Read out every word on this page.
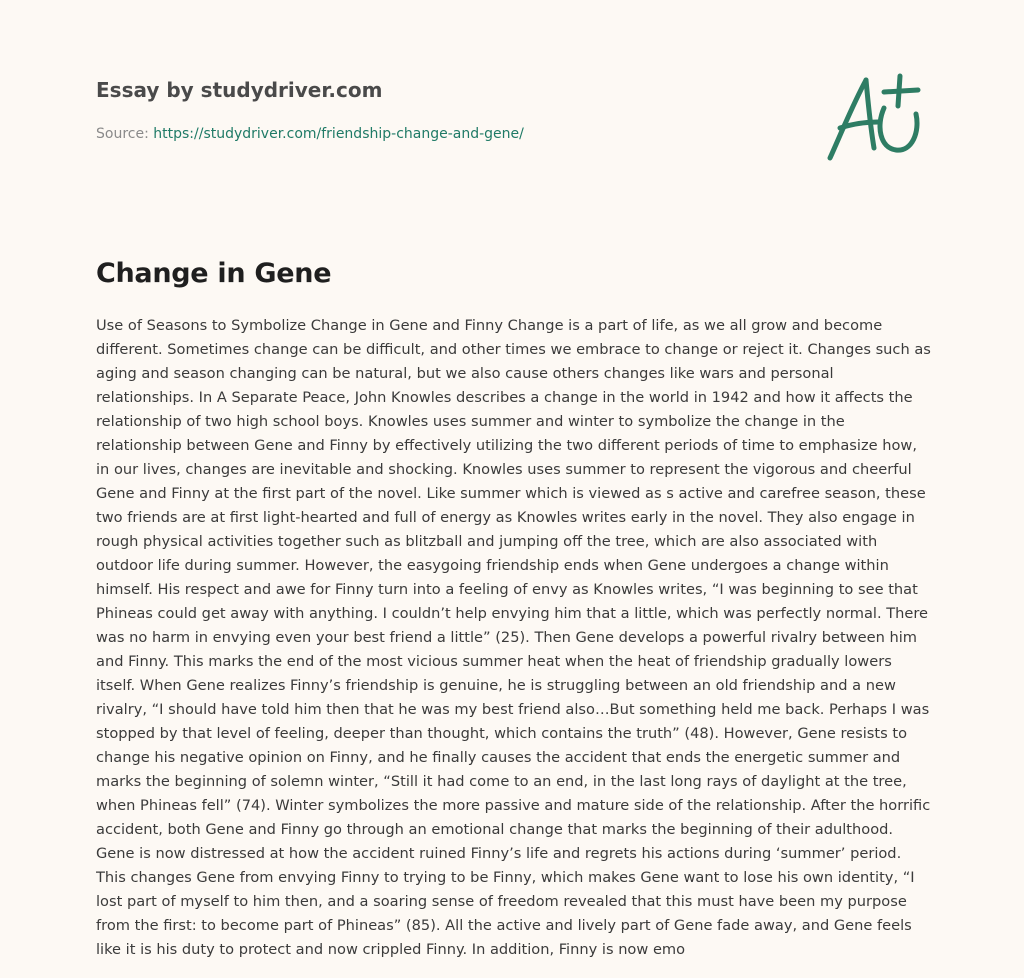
Essay by studydriver.com
Source: https://studydriver.com/friendship-change-and-gene/
Change in Gene

Use of Seasons to Symbolize Change in Gene and Finny Change is a part of life, as we all grow and become different. Sometimes change can be difficult, and other times we embrace to change or reject it. Changes such as aging and season changing can be natural, but we also cause others changes like wars and personal relationships. In A Separate Peace, John Knowles describes a change in the world in 1942 and how it affects the relationship of two high school boys. Knowles uses summer and winter to symbolize the change in the relationship between Gene and Finny by effectively utilizing the two different periods of time to emphasize how, in our lives, changes are inevitable and shocking. Knowles uses summer to represent the vigorous and cheerful Gene and Finny at the first part of the novel. Like summer which is viewed as s active and carefree season, these two friends are at first light-hearted and full of energy as Knowles writes early in the novel. They also engage in rough physical activities together such as blitzball and jumping off the tree, which are also associated with outdoor life during summer. However, the easygoing friendship ends when Gene undergoes a change within himself. His respect and awe for Finny turn into a feeling of envy as Knowles writes, “I was beginning to see that Phineas could get away with anything. I couldn’t help envying him that a little, which was perfectly normal. There was no harm in envying even your best friend a little” (25). Then Gene develops a powerful rivalry between him and Finny. This marks the end of the most vicious summer heat when the heat of friendship gradually lowers itself. When Gene realizes Finny’s friendship is genuine, he is struggling between an old friendship and a new rivalry, “I should have told him then that he was my best friend also…But something held me back. Perhaps I was stopped by that level of feeling, deeper than thought, which contains the truth” (48). However, Gene resists to change his negative opinion on Finny, and he finally causes the accident that ends the energetic summer and marks the beginning of solemn winter, “Still it had come to an end, in the last long rays of daylight at the tree, when Phineas fell” (74). Winter symbolizes the more passive and mature side of the relationship. After the horrific accident, both Gene and Finny go through an emotional change that marks the beginning of their adulthood. Gene is now distressed at how the accident ruined Finny’s life and regrets his actions during ‘summer’ period. This changes Gene from envying Finny to trying to be Finny, which makes Gene want to lose his own identity, “I lost part of myself to him then, and a soaring sense of freedom revealed that this must have been my purpose from the first: to become part of Phineas” (85). All the active and lively part of Gene fade away, and Gene feels like it is his duty to protect and now crippled Finny. In addition, Finny is now emo
